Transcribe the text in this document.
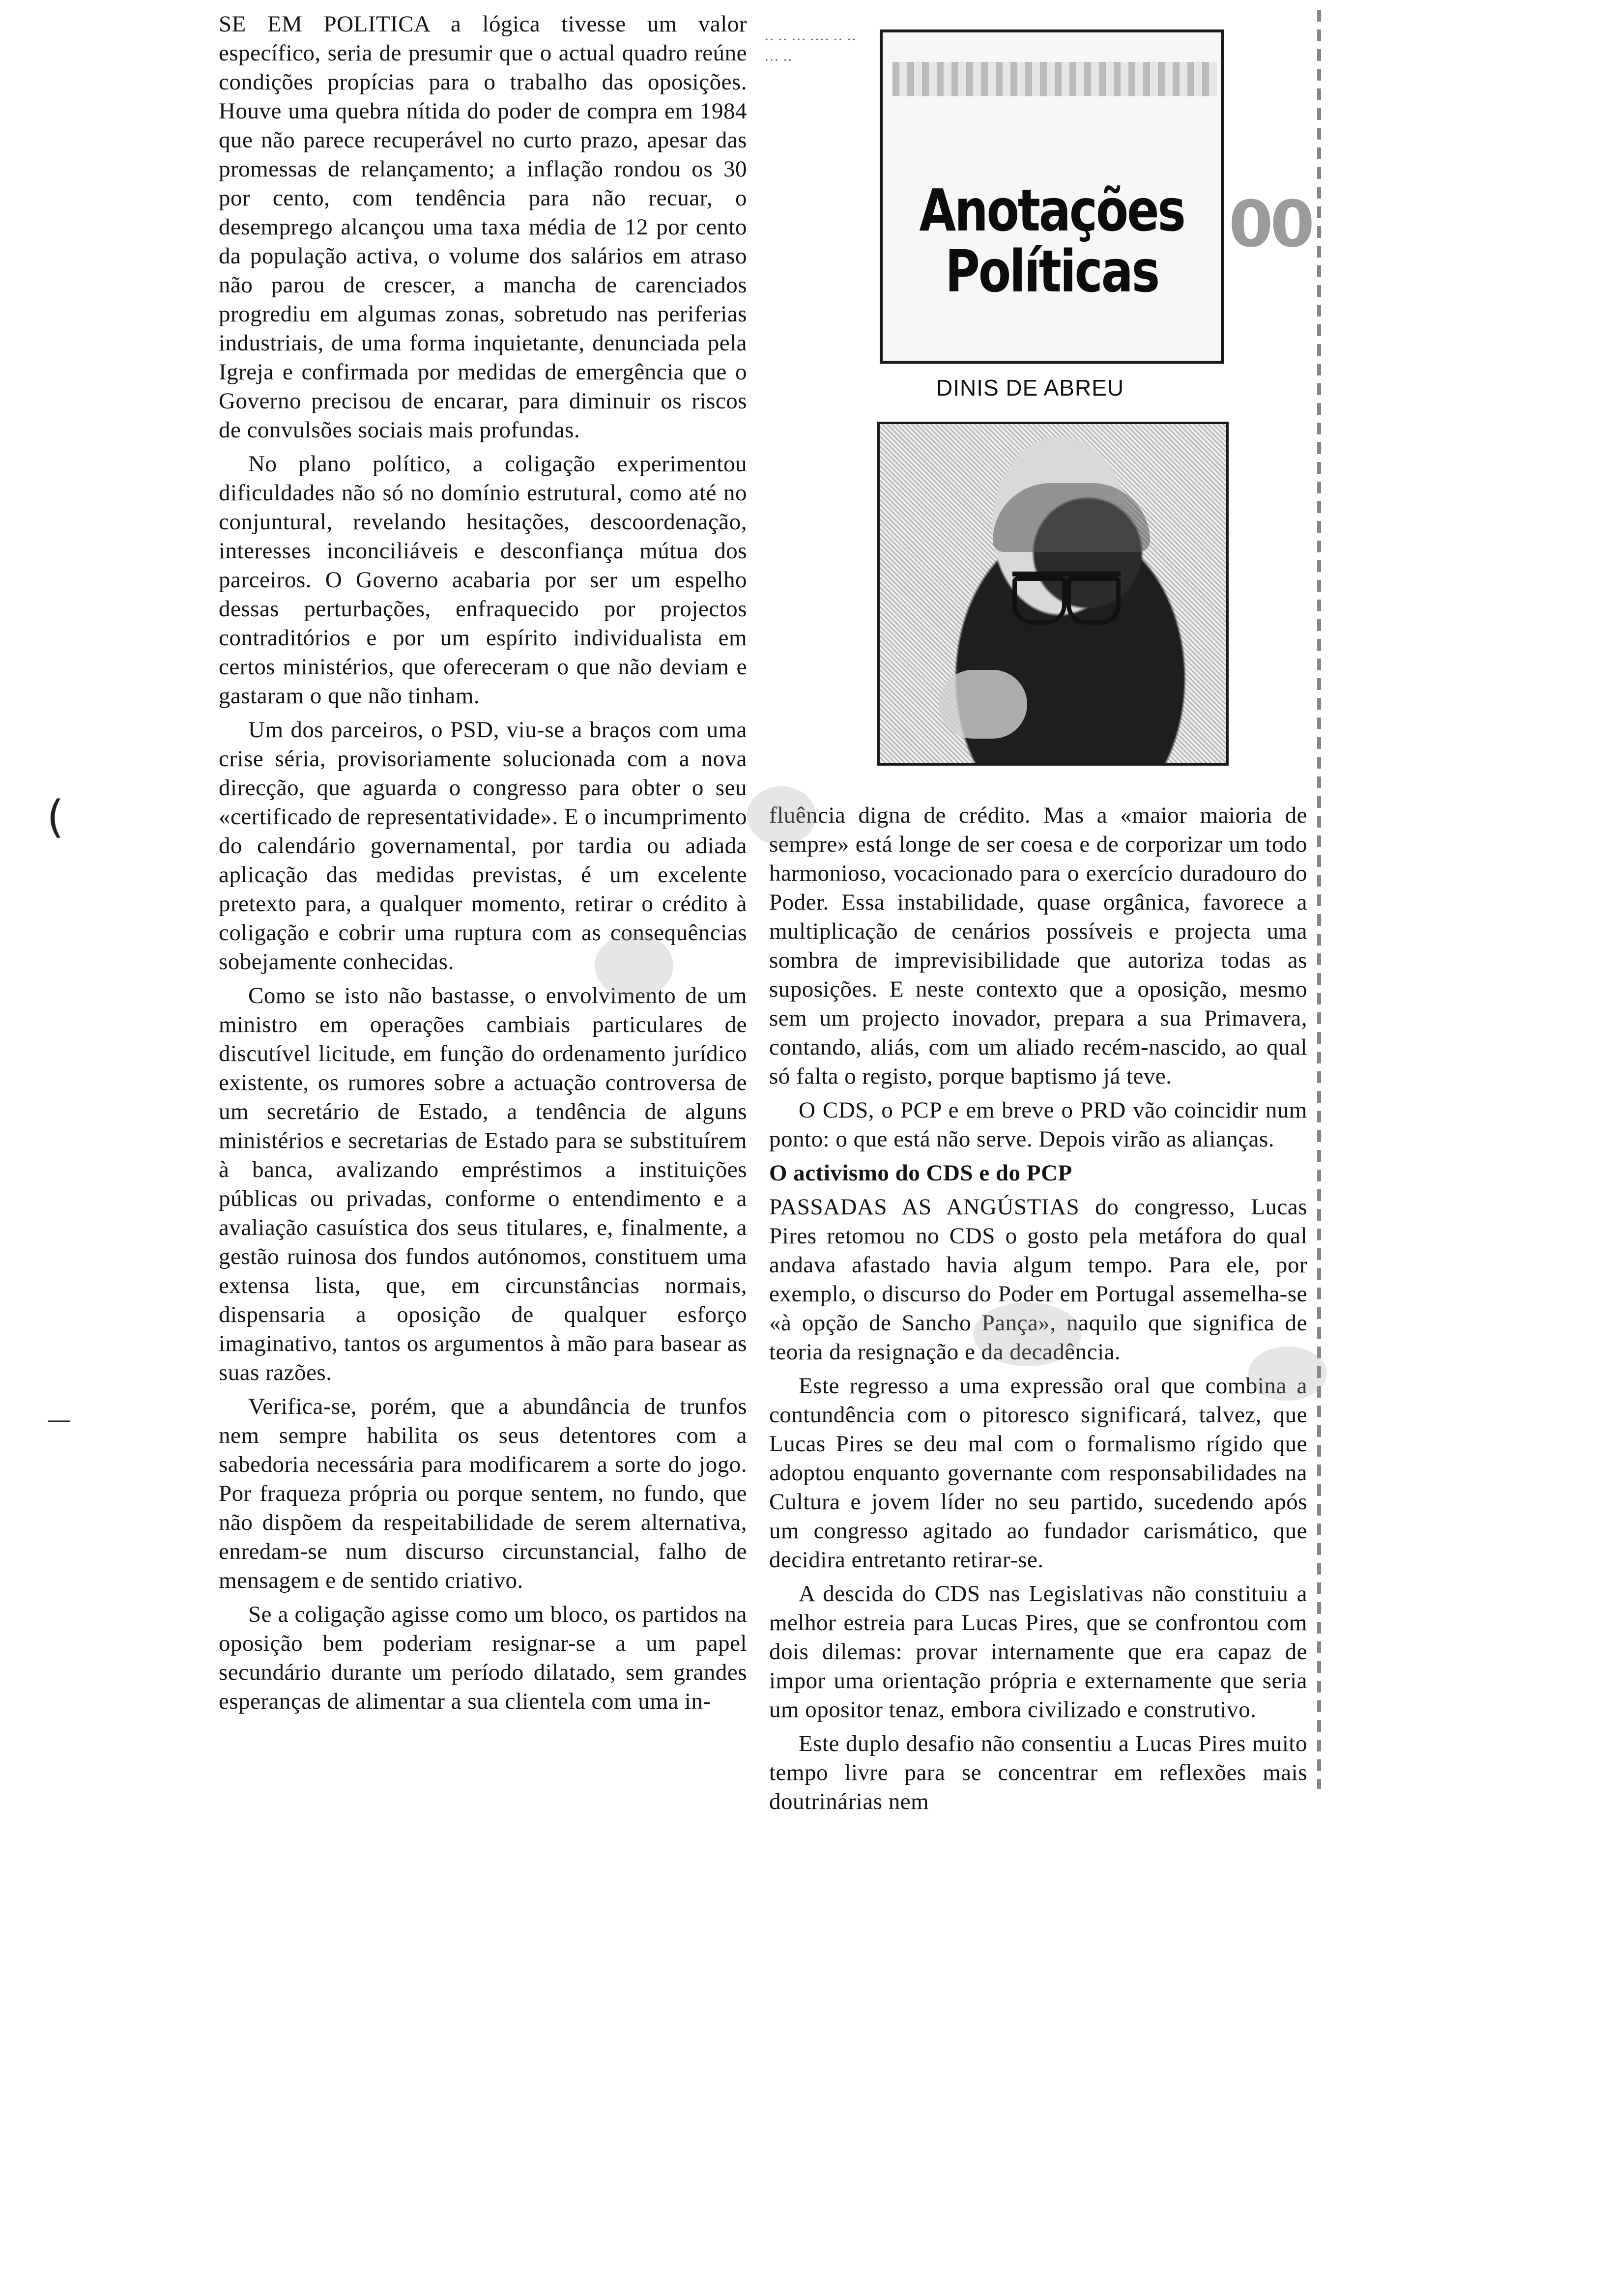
SE EM POLITICA a lógica tivesse um valor específico, seria de presumir que o actual quadro reúne condições propícias para o trabalho das oposições. Houve uma quebra nítida do poder de compra em 1984 que não parece recuperável no curto prazo, apesar das promessas de relançamento; a inflação rondou os 30 por cento, com tendência para não recuar, o desemprego alcançou uma taxa média de 12 por cento da população activa, o volume dos salários em atraso não parou de crescer, a mancha de carenciados progrediu em algumas zonas, sobretudo nas periferias industriais, de uma forma inquietante, denunciada pela Igreja e confirmada por medidas de emergência que o Governo precisou de encarar, para diminuir os riscos de convulsões sociais mais profundas.

No plano político, a coligação experimentou dificuldades não só no domínio estrutural, como até no conjuntural, revelando hesitações, descoordenação, interesses inconciliáveis e desconfiança mútua dos parceiros. O Governo acabaria por ser um espelho dessas perturbações, enfraquecido por projectos contraditórios e por um espírito individualista em certos ministérios, que ofereceram o que não deviam e gastaram o que não tinham.

Um dos parceiros, o PSD, viu-se a braços com uma crise séria, provisoriamente solucionada com a nova direcção, que aguarda o congresso para obter o seu «certificado de representatividade». E o incumprimento do calendário governamental, por tardia ou adiada aplicação das medidas previstas, é um excelente pretexto para, a qualquer momento, retirar o crédito à coligação e cobrir uma ruptura com as consequências sobejamente conhecidas.

Como se isto não bastasse, o envolvimento de um ministro em operações cambiais particulares de discutível licitude, em função do ordenamento jurídico existente, os rumores sobre a actuação controversa de um secretário de Estado, a tendência de alguns ministérios e secretarias de Estado para se substituírem à banca, avalizando empréstimos a instituições públicas ou privadas, conforme o entendimento e a avaliação casuística dos seus titulares, e, finalmente, a gestão ruinosa dos fundos autónomos, constituem uma extensa lista, que, em circunstâncias normais, dispensaria a oposição de qualquer esforço imaginativo, tantos os argumentos à mão para basear as suas razões.

Verifica-se, porém, que a abundância de trunfos nem sempre habilita os seus detentores com a sabedoria necessária para modificarem a sorte do jogo. Por fraqueza própria ou porque sentem, no fundo, que não dispõem da respeitabilidade de serem alternativa, enredam-se num discurso circunstancial, falho de mensagem e de sentido criativo.

Se a coligação agisse como um bloco, os partidos na oposição bem poderiam resignar-se a um papel secundário durante um período dilatado, sem grandes esperanças de alimentar a sua clientela com uma in-

·· ·· ··· ···· ·· ·· ··· ··
Anotações Políticas
00
DINIS DE ABREU

fluência digna de crédito. Mas a «maior maioria de sempre» está longe de ser coesa e de corporizar um todo harmonioso, vocacionado para o exercício duradouro do Poder. Essa instabilidade, quase orgânica, favorece a multiplicação de cenários possíveis e projecta uma sombra de imprevisibilidade que autoriza todas as suposições. E neste contexto que a oposição, mesmo sem um projecto inovador, prepara a sua Primavera, contando, aliás, com um aliado recém-nascido, ao qual só falta o registo, porque baptismo já teve.

O CDS, o PCP e em breve o PRD vão coincidir num ponto: o que está não serve. Depois virão as alianças.

O activismo do CDS e do PCP

PASSADAS AS ANGÚSTIAS do congresso, Lucas Pires retomou no CDS o gosto pela metáfora do qual andava afastado havia algum tempo. Para ele, por exemplo, o discurso do Poder em Portugal assemelha-se «à opção de Sancho Pança», naquilo que significa de teoria da resignação e da decadência.

Este regresso a uma expressão oral que combina a contundência com o pitoresco significará, talvez, que Lucas Pires se deu mal com o formalismo rígido que adoptou enquanto governante com responsabilidades na Cultura e jovem líder no seu partido, sucedendo após um congresso agitado ao fundador carismático, que decidira entretanto retirar-se.

A descida do CDS nas Legislativas não constituiu a melhor estreia para Lucas Pires, que se confrontou com dois dilemas: provar internamente que era capaz de impor uma orientação própria e externamente que seria um opositor tenaz, embora civilizado e construtivo.

Este duplo desafio não consentiu a Lucas Pires muito tempo livre para se concentrar em reflexões mais doutrinárias nem

(
—
